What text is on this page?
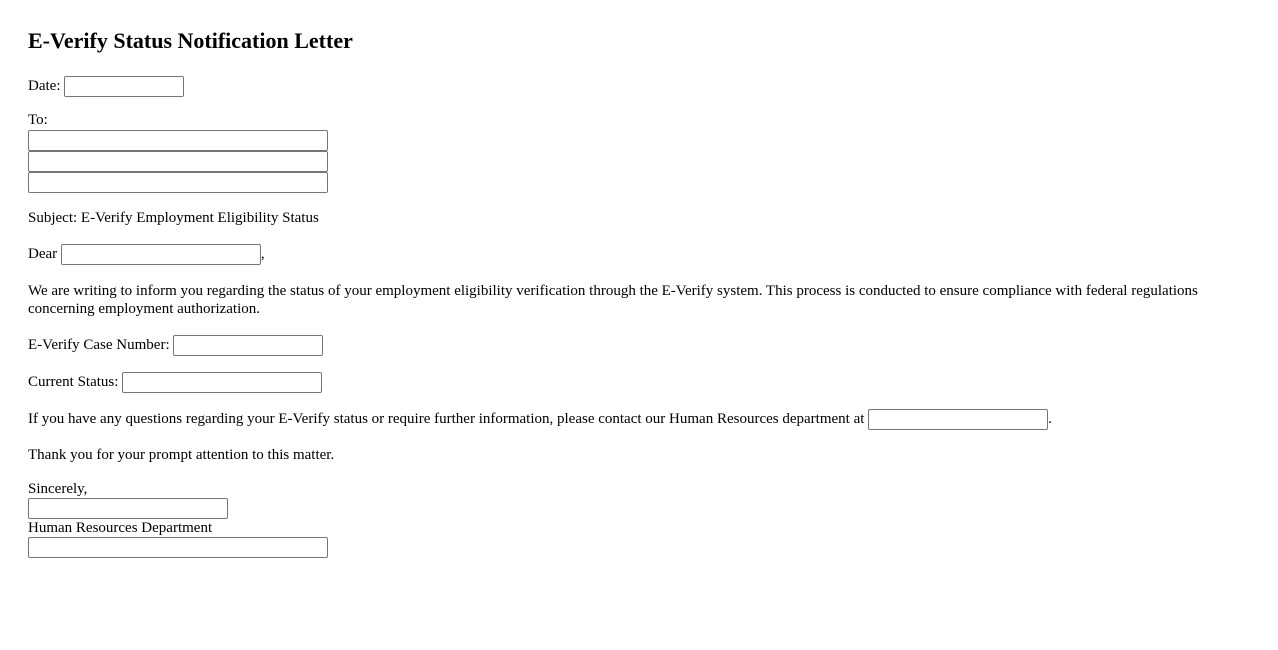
E-Verify Status Notification Letter
Date:
To:

Subject: E-Verify Employment Eligibility Status

Dear	,

We are writing to inform you regarding the status of your employment eligibility verification through the E-Verify system. This process is conducted to ensure compliance with federal regulations concerning employment authorization.

E-Verify Case Number:
Current Status:
If you have any questions regarding your E-Verify status or require further information, please contact our Human Resources department at	.

Thank you for your prompt attention to this matter.

Sincerely,

Human Resources Department
